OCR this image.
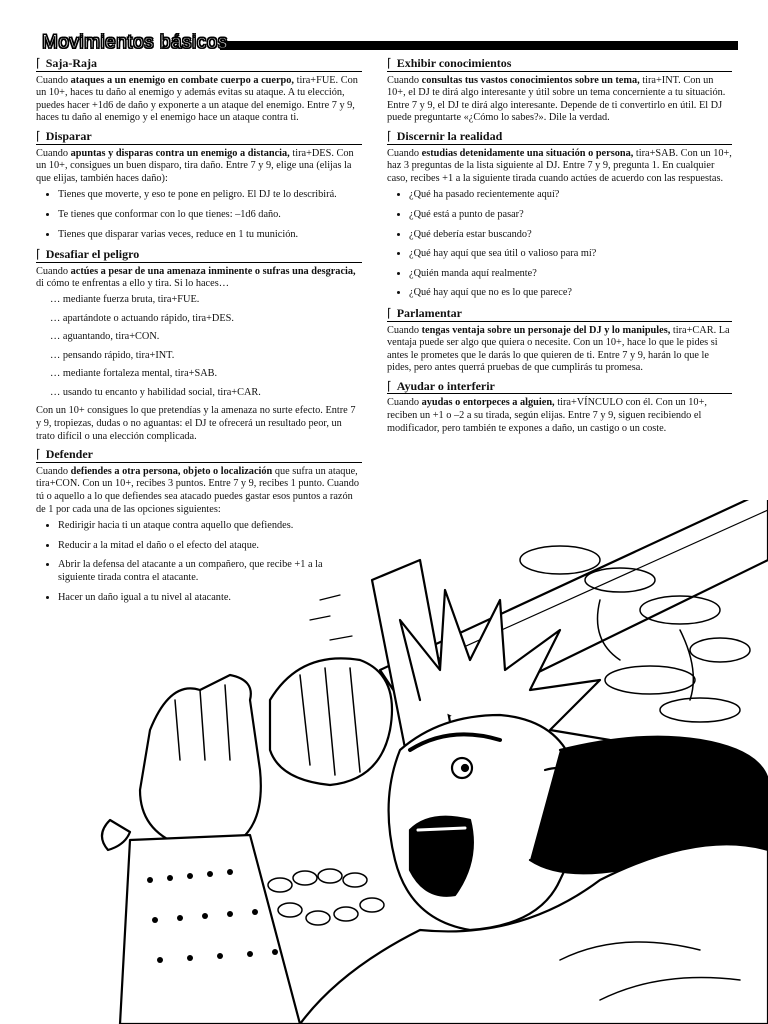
Movimientos básicos
⌈ Saja-Raja

Cuando ataques a un enemigo en combate cuerpo a cuerpo, tira+FUE. Con un 10+, haces tu daño al enemigo y además evitas su ataque. A tu elección, puedes hacer +1d6 de daño y exponerte a un ataque del enemigo. Entre 7 y 9, haces tu daño al enemigo y el enemigo hace un ataque contra ti.

⌈ Disparar

Cuando apuntas y disparas contra un enemigo a distancia, tira+DES. Con un 10+, consigues un buen disparo, tira daño. Entre 7 y 9, elige una (elijas la que elijas, también haces daño):

• Tienes que moverte, y eso te pone en peligro. El DJ te lo describirá.
• Te tienes que conformar con lo que tienes: –1d6 daño.
• Tienes que disparar varias veces, reduce en 1 tu munición.
⌈ Desafiar el peligro

Cuando actúes a pesar de una amenaza inminente o sufras una desgracia, di cómo te enfrentas a ello y tira. Si lo haces…

… mediante fuerza bruta, tira+FUE.
… apartándote o actuando rápido, tira+DES.
… aguantando, tira+CON.
… pensando rápido, tira+INT.
… mediante fortaleza mental, tira+SAB.
… usando tu encanto y habilidad social, tira+CAR.

Con un 10+ consigues lo que pretendías y la amenaza no surte efecto. Entre 7 y 9, tropiezas, dudas o no aguantas: el DJ te ofrecerá un resultado peor, un trato difícil o una elección complicada.

⌈ Defender

Cuando defiendes a otra persona, objeto o localización que sufra un ataque, tira+CON. Con un 10+, recibes 3 puntos. Entre 7 y 9, recibes 1 punto. Cuando tú o aquello a lo que defiendes sea atacado puedes gastar esos puntos a razón de 1 por cada una de las opciones siguientes:

• Redirigir hacia ti un ataque contra aquello que defiendes.
• Reducir a la mitad el daño o el efecto del ataque.
• Abrir la defensa del atacante a un compañero, que recibe +1 a la siguiente tirada contra el atacante.
• Hacer un daño igual a tu nivel al atacante.
⌈ Exhibir conocimientos

Cuando consultas tus vastos conocimientos sobre un tema, tira+INT. Con un 10+, el DJ te dirá algo interesante y útil sobre un tema concerniente a tu situación. Entre 7 y 9, el DJ te dirá algo interesante. Depende de ti convertirlo en útil. El DJ puede preguntarte «¿Cómo lo sabes?». Dile la verdad.

⌈ Discernir la realidad

Cuando estudias detenidamente una situación o persona, tira+SAB. Con un 10+, haz 3 preguntas de la lista siguiente al DJ. Entre 7 y 9, pregunta 1. En cualquier caso, recibes +1 a la siguiente tirada cuando actúes de acuerdo con las respuestas.

• ¿Qué ha pasado recientemente aquí?
• ¿Qué está a punto de pasar?
• ¿Qué debería estar buscando?
• ¿Qué hay aquí que sea útil o valioso para mí?
• ¿Quién manda aquí realmente?
• ¿Qué hay aquí que no es lo que parece?
⌈ Parlamentar

Cuando tengas ventaja sobre un personaje del DJ y lo manipules, tira+CAR. La ventaja puede ser algo que quiera o necesite. Con un 10+, hace lo que le pides si antes le prometes que le darás lo que quieren de ti. Entre 7 y 9, harán lo que le pides, pero antes querrá pruebas de que cumplirás tu promesa.

⌈ Ayudar o interferir

Cuando ayudas o entorpeces a alguien, tira+VÍNCULO con él. Con un 10+, reciben un +1 o –2 a su tirada, según elijas. Entre 7 y 9, siguen recibiendo el modificador, pero también te expones a daño, un castigo o un coste.
